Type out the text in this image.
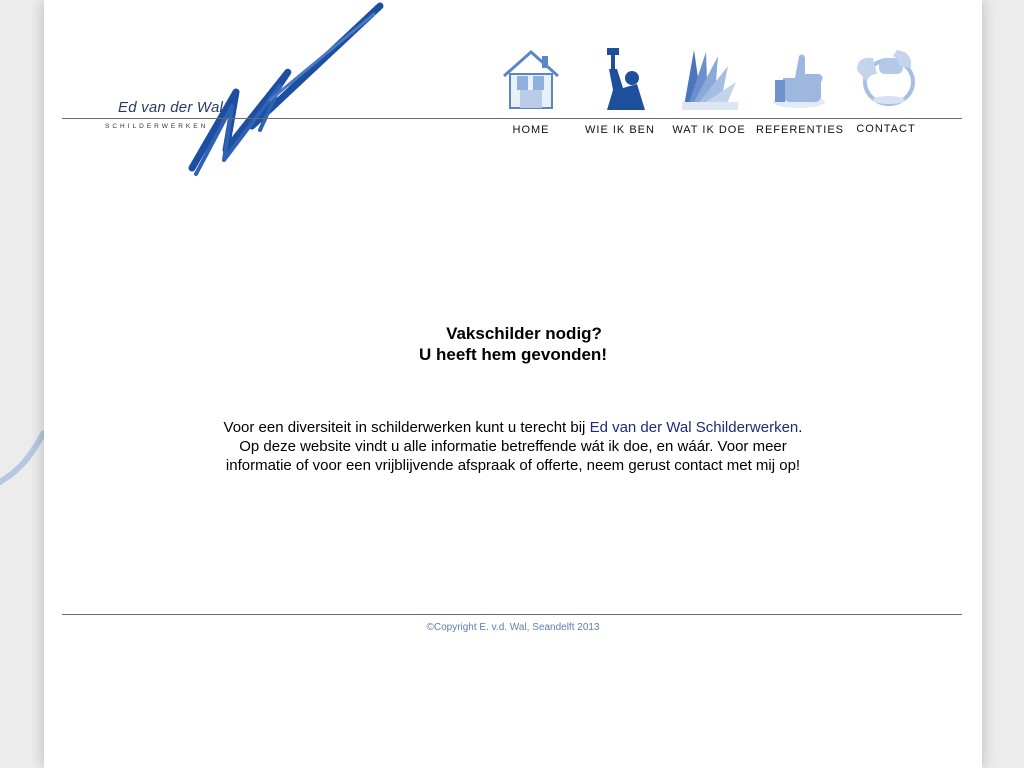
Ed van der Wal
SCHILDERWERKEN	HOME	WIE IK BEN	WAT IK DOE REFERENTIES	CONTACT
Vakschilder nodig?
U heeft hem gevonden!
Voor een diversiteit in schilderwerken kunt u terecht bij Ed van der Wal Schilderwerken.
Op deze website vindt u alle informatie betreffende wát ik doe, en wáár. Voor meer
informatie of voor een vrijblijvende afspraak of offerte, neem gerust contact met mij op!
©Copyright E. v.d. Wal, Seandelft 2013
